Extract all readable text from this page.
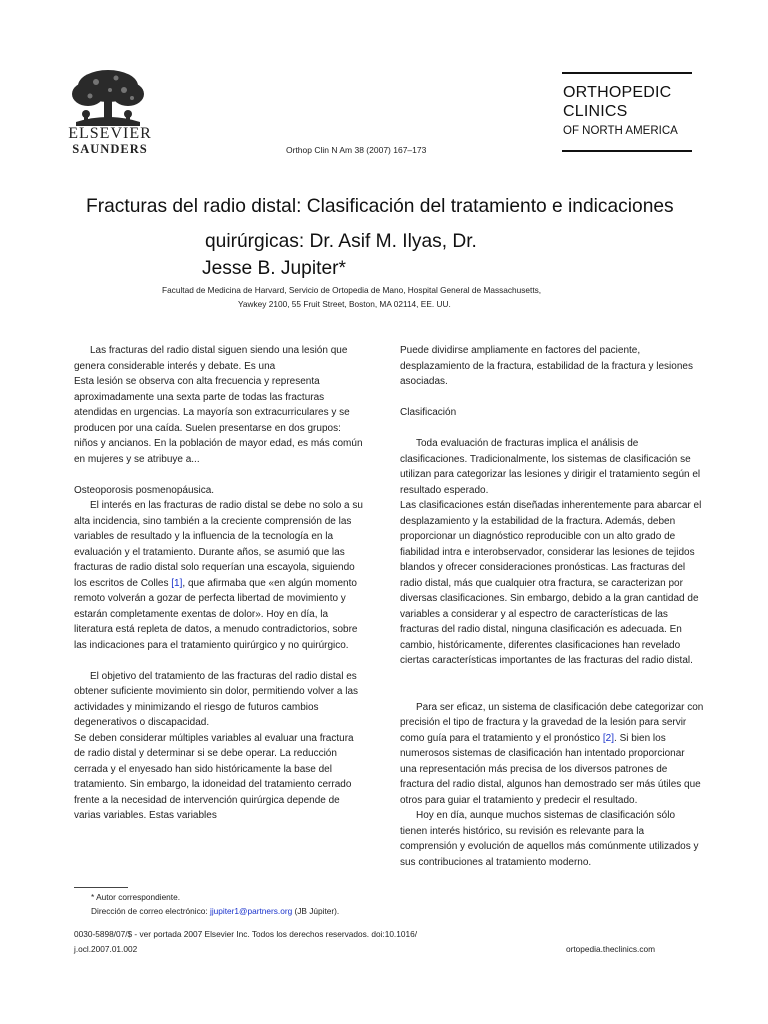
ELSEVIER
SAUNDERS	Orthop Clin N Am 38 (2007) 167–173
ORTHOPEDIC
CLINICS
OF NORTH AMERICA
Fracturas del radio distal: Clasificación del tratamiento e indicaciones
quirúrgicas: Dr. Asif M. Ilyas, Dr.
Jesse B. Jupiter*
Facultad de Medicina de Harvard, Servicio de Ortopedia de Mano, Hospital General de Massachusetts,
Yawkey 2100, 55 Fruit Street, Boston, MA 02114, EE. UU.

Las fracturas del radio distal siguen siendo una lesión que genera considerable interés y debate. Es una

Esta lesión se observa con alta frecuencia y representa aproximadamente una sexta parte de todas las fracturas atendidas en urgencias. La mayoría son extracurriculares y se producen por una caída. Suelen presentarse en dos grupos: niños y ancianos. En la población de mayor edad, es más común en mujeres y se atribuye a...

Osteoporosis posmenopáusica.

El interés en las fracturas de radio distal se debe no solo a su alta incidencia, sino también a la creciente comprensión de las variables de resultado y la influencia de la tecnología en la evaluación y el tratamiento. Durante años, se asumió que las fracturas de radio distal solo requerían una escayola, siguiendo los escritos de Colles [1], que afirmaba que «en algún momento remoto volverán a gozar de perfecta libertad de movimiento y estarán completamente exentas de dolor». Hoy en día, la literatura está repleta de datos, a menudo contradictorios, sobre las indicaciones para el tratamiento quirúrgico y no quirúrgico.

El objetivo del tratamiento de las fracturas del radio distal es obtener suficiente movimiento sin dolor, permitiendo volver a las actividades y minimizando el riesgo de futuros cambios degenerativos o discapacidad.

Se deben considerar múltiples variables al evaluar una fractura de radio distal y determinar si se debe operar. La reducción cerrada y el enyesado han sido históricamente la base del tratamiento. Sin embargo, la idoneidad del tratamiento cerrado frente a la necesidad de intervención quirúrgica depende de varias variables. Estas variables

Puede dividirse ampliamente en factores del paciente, desplazamiento de la fractura, estabilidad de la fractura y lesiones asociadas.

Clasificación

Toda evaluación de fracturas implica el análisis de clasificaciones. Tradicionalmente, los sistemas de clasificación se utilizan para categorizar las lesiones y dirigir el tratamiento según el resultado esperado.

Las clasificaciones están diseñadas inherentemente para abarcar el desplazamiento y la estabilidad de la fractura. Además, deben proporcionar un diagnóstico reproducible con un alto grado de fiabilidad intra e interobservador, considerar las lesiones de tejidos blandos y ofrecer consideraciones pronósticas. Las fracturas del radio distal, más que cualquier otra fractura, se caracterizan por diversas clasificaciones. Sin embargo, debido a la gran cantidad de variables a considerar y al espectro de características de las fracturas del radio distal, ninguna clasificación es adecuada. En cambio, históricamente, diferentes clasificaciones han revelado ciertas características importantes de las fracturas del radio distal.

Para ser eficaz, un sistema de clasificación debe categorizar con precisión el tipo de fractura y la gravedad de la lesión para servir como guía para el tratamiento y el pronóstico [2]. Si bien los numerosos sistemas de clasificación han intentado proporcionar una representación más precisa de los diversos patrones de fractura del radio distal, algunos han demostrado ser más útiles que otros para guiar el tratamiento y predecir el resultado.

Hoy en día, aunque muchos sistemas de clasificación sólo tienen interés histórico, su revisión es relevante para la comprensión y evolución de aquellos más comúnmente utilizados y sus contribuciones al tratamiento moderno.

* Autor correspondiente.
Dirección de correo electrónico: jjupiter1@partners.org (JB Júpiter).
0030-5898/07/$ - ver portada 2007 Elsevier Inc. Todos los derechos reservados. doi:10.1016/
j.ocl.2007.01.002	ortopedia.theclinics.com
